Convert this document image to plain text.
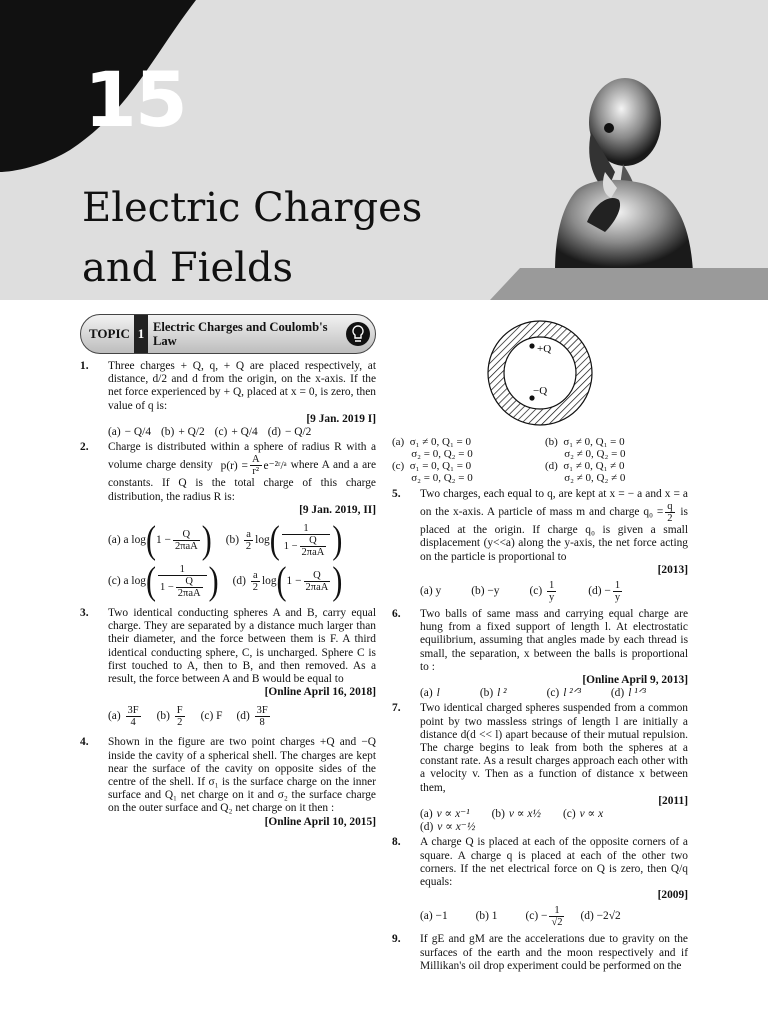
15
Electric Charges
and Fields
TOPIC 1 Electric Charges and Coulomb's Law
1.	Three charges + Q, q, + Q are placed respectively, at distance, d/2 and d from the origin, on the x-axis. If the net force experienced by + Q, placed at x = 0, is zero, then value of q is:
[9 Jan. 2019 I]
(a) − Q/4 (b) + Q/2 (c) + Q/4 (d) − Q/2
2.	Charge is distributed within a sphere of radius R with a volume charge density $p(r) = \frac{A}{\text{r²}}$ e⁻²ʳ/ᵃ where A and a are constants. If Q is the total charge of this charge distribution, the radius R is:
[9 Jan. 2019, II]
(a)
a log ( $1 - \frac{Q}{\text{2πaA}}$ ) (b)
$\frac{a}{2}$ log ( $\frac{1}{1 - \frac{Q}{\text{2πaA}}}$ )
(c)
a log ( $\frac{1}{1 - \frac{Q}{\text{2πaA}}}$ ) (d)
$\frac{a}{2}$ log ( $1 - \frac{Q}{\text{2πaA}}$ )
3.	Two identical conducting spheres A and B, carry equal charge. They are separated by a distance much larger than their diameter, and the force between them is F. A third identical conducting sphere, C, is uncharged. Sphere C is first touched to A, then to B, and then removed. As a result, the force between A and B would be equal to
[Online April 16, 2018]
(a)
$\frac{3F}{4} (b)$
$\frac{F}{2} (c)$
F (d)
$\frac{3F}{8}$
4.	Shown in the figure are two point charges +Q and −Q inside the cavity of a spherical shell. The charges are kept near the surface of the cavity on opposite sides of the centre of the shell. If σ₁ is the surface charge on the inner surface and Q₁ net charge on it and σ₂ the surface charge on the outer surface and Q₂ net charge on it then :
[Online April 10, 2015]
+Q
−Q
(a) σ₁ ≠ 0, Q₁ = 0
σ₂ = 0, Q₂ = 0
(b) σ₁ ≠ 0, Q₁ = 0
σ₂ ≠ 0, Q₂ = 0
(c) σ₁ = 0, Q₁ = 0
σ₂ = 0, Q₂ = 0
(d) σ₁ ≠ 0, Q₁ ≠ 0
σ₂ ≠ 0, Q₂ ≠ 0
5.	Two charges, each equal to q, are kept at x = − a and x = a on the x-axis. A particle of mass m and charge $q_0 = \frac{q}{2}$ is placed at the origin. If charge q₀ is given a small displacement (y<<a) along the y-axis, the net force acting on the particle is proportional to
[2013]
(a)
y	(b)
−y	(c)
$\frac{1}{y}$	(d)
− $\frac{1}{y}$
6.	Two balls of same mass and carrying equal charge are hung from a fixed support of length l. At electrostatic equilibrium, assuming that angles made by each thread is small, the separation, x between the balls is proportional to :
[Online April 9, 2013]
(a) l	(b) l ²	(c) l ²ᐟ³	(d) l ¹ᐟ³
7.	Two identical charged spheres suspended from a common point by two massless strings of length l are initially a distance d(d << l) apart because of their mutual repulsion. The charge begins to leak from both the spheres at a constant rate. As a result charges approach each other with a velocity v. Then as a function of distance x between them,
[2011]
(a) v ∝ x⁻¹ (b) v ∝ x½ (c) v ∝ x
(d) v ∝ x⁻½
8.	A charge Q is placed at each of the opposite corners of a square. A charge q is placed at each of the other two corners. If the net electrical force on Q is zero, then Q/q equals:
[2009]
(a)
−1 (b)
1 (c)
− $\frac{1}{√2} (d)$
−2√2
9.	If gE and gM are the accelerations due to gravity on the surfaces of the earth and the moon respectively and if Millikan's oil drop experiment could be performed on the
